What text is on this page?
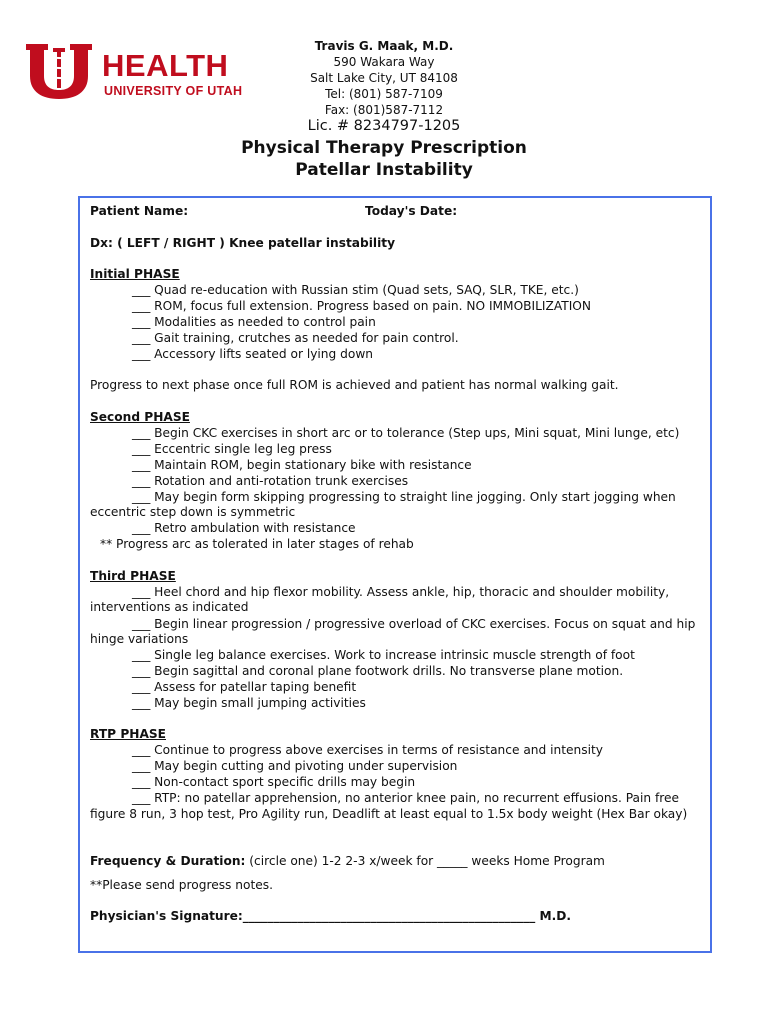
HEALTH
UNIVERSITY OF UTAH
Travis G. Maak, M.D.
590 Wakara Way
Salt Lake City, UT 84108
Tel: (801) 587-7109
Fax: (801)587-7112
Lic. # 8234797-1205
Physical Therapy Prescription
Patellar Instability
Patient Name:	Today's Date:
Dx: ( LEFT / RIGHT ) Knee patellar instability
Initial PHASE
___ Quad re-education with Russian stim (Quad sets, SAQ, SLR, TKE, etc.)
___ ROM, focus full extension. Progress based on pain. NO IMMOBILIZATION
___ Modalities as needed to control pain
___ Gait training, crutches as needed for pain control.
___ Accessory lifts seated or lying down
Progress to next phase once full ROM is achieved and patient has normal walking gait.
Second PHASE
___ Begin CKC exercises in short arc or to tolerance (Step ups, Mini squat, Mini lunge, etc)
___ Eccentric single leg leg press
___ Maintain ROM, begin stationary bike with resistance
___ Rotation and anti-rotation trunk exercises
___ May begin form skipping progressing to straight line jogging. Only start jogging when
eccentric step down is symmetric
___ Retro ambulation with resistance
** Progress arc as tolerated in later stages of rehab
Third PHASE
___ Heel chord and hip flexor mobility. Assess ankle, hip, thoracic and shoulder mobility,
interventions as indicated
___ Begin linear progression / progressive overload of CKC exercises. Focus on squat and hip
hinge variations
___ Single leg balance exercises. Work to increase intrinsic muscle strength of foot
___ Begin sagittal and coronal plane footwork drills. No transverse plane motion.
___ Assess for patellar taping benefit
___ May begin small jumping activities
RTP PHASE
___ Continue to progress above exercises in terms of resistance and intensity
___ May begin cutting and pivoting under supervision
___ Non-contact sport specific drills may begin
___ RTP: no patellar apprehension, no anterior knee pain, no recurrent effusions. Pain free
figure 8 run, 3 hop test, Pro Agility run, Deadlift at least equal to 1.5x body weight (Hex Bar okay)
Frequency & Duration: (circle one) 1-2 2-3 x/week for _____ weeks Home Program
**Please send progress notes.
Physician's Signature:________________________________________________ M.D.
